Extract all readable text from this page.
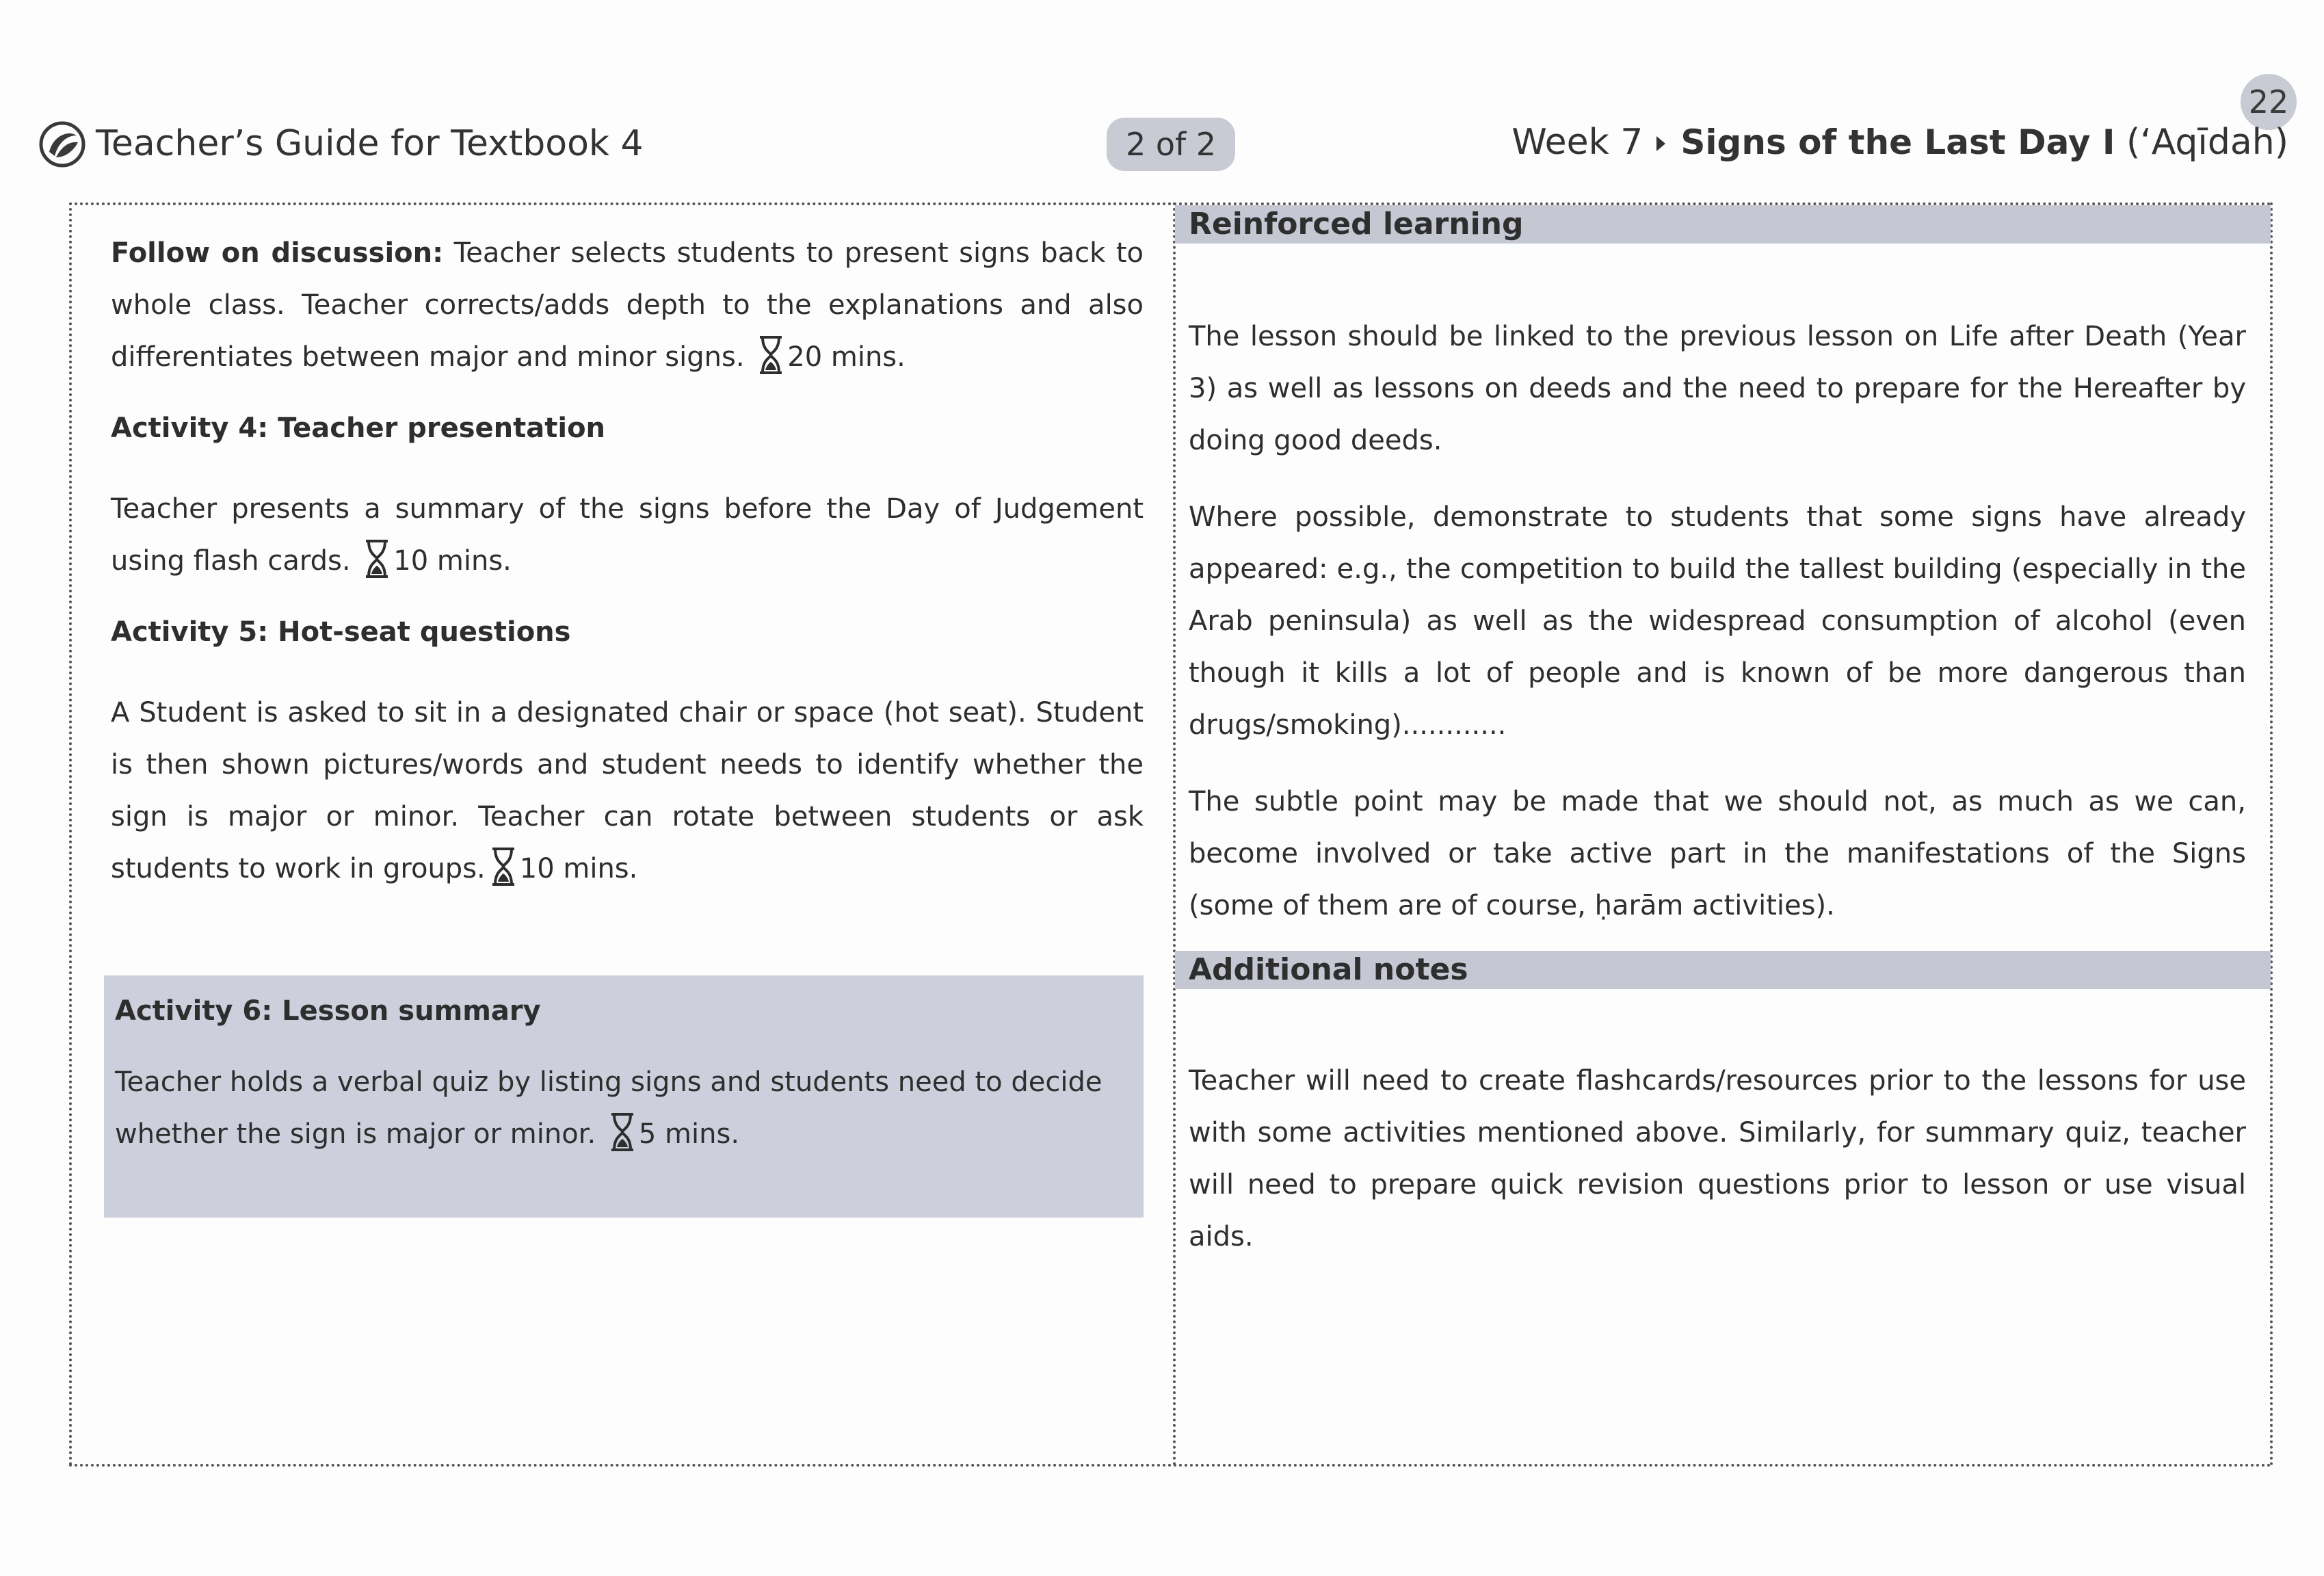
22
Teacher’s Guide for Textbook 4	2 of 2	Week 7 Signs of the Last Day I (‘Aqīdah)

Follow on discussion: Teacher selects students to present signs back to whole class. Teacher corrects/adds depth to the explanations and also differentiates between major and minor signs. 20 mins.

Activity 4: Teacher presentation

Teacher presents a summary of the signs before the Day of Judgement using flash cards. 10 mins.

Activity 5: Hot-seat questions

A Student is asked to sit in a designated chair or space (hot seat). Student is then shown pictures/words and student needs to identify whether the sign is major or minor. Teacher can rotate between students or ask students to work in groups. 10 mins.

Activity 6: Lesson summary

Teacher holds a verbal quiz by listing signs and students need to decide whether the sign is major or minor. 5 mins.

Reinforced learning

The lesson should be linked to the previous lesson on Life after Death (Year 3) as well as lessons on deeds and the need to prepare for the Hereafter by doing good deeds.

Where possible, demonstrate to students that some signs have already appeared: e.g., the competition to build the tallest building (especially in the Arab peninsula) as well as the widespread consumption of alcohol (even though it kills a lot of people and is known of be more dangerous than drugs/smoking)............

The subtle point may be made that we should not, as much as we can, become involved or take active part in the manifestations of the Signs (some of them are of course, ḥarām activities).

Additional notes

Teacher will need to create flashcards/resources prior to the lessons for use with some activities mentioned above. Similarly, for summary quiz, teacher will need to prepare quick revision questions prior to lesson or use visual aids.
